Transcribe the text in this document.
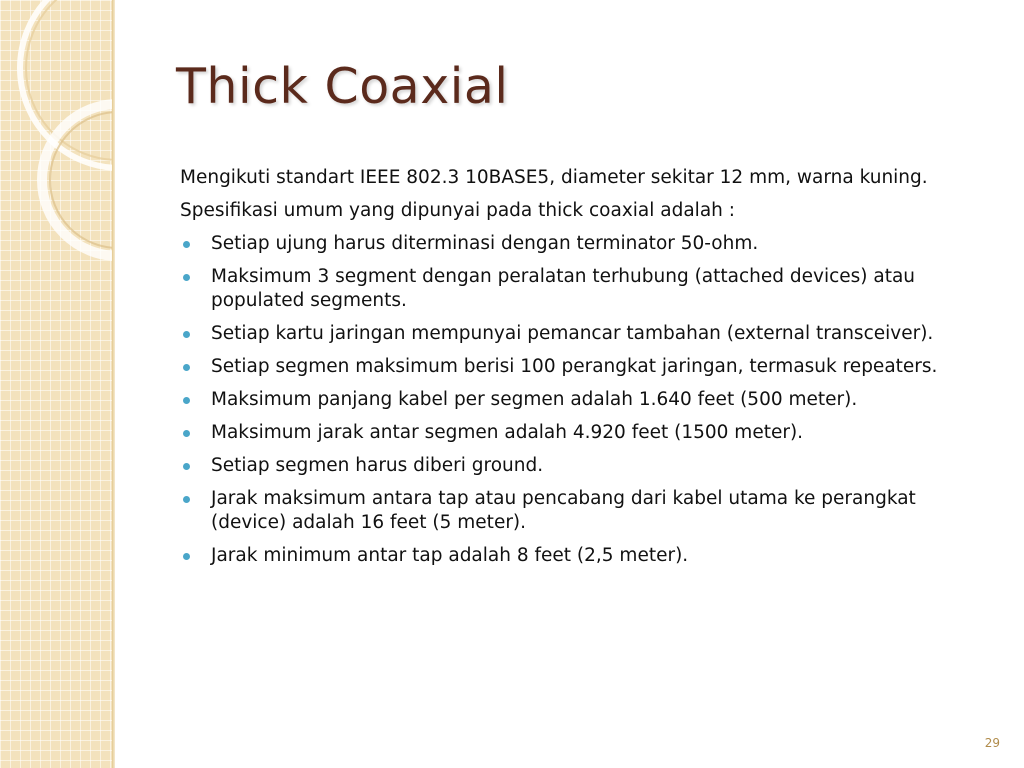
Thick Coaxial

Mengikuti standart IEEE 802.3 10BASE5, diameter sekitar 12 mm, warna kuning.

Spesifikasi umum yang dipunyai pada thick coaxial adalah :

Setiap ujung harus diterminasi dengan terminator 50-ohm.
Maksimum 3 segment dengan peralatan terhubung (attached devices) atau populated segments.
Setiap kartu jaringan mempunyai pemancar tambahan (external transceiver).
Setiap segmen maksimum berisi 100 perangkat jaringan, termasuk repeaters.
Maksimum panjang kabel per segmen adalah 1.640 feet (500 meter).
Maksimum jarak antar segmen adalah 4.920 feet (1500 meter).
Setiap segmen harus diberi ground.
Jarak maksimum antara tap atau pencabang dari kabel utama ke perangkat (device) adalah 16 feet (5 meter).
Jarak minimum antar tap adalah 8 feet (2,5 meter).
29
